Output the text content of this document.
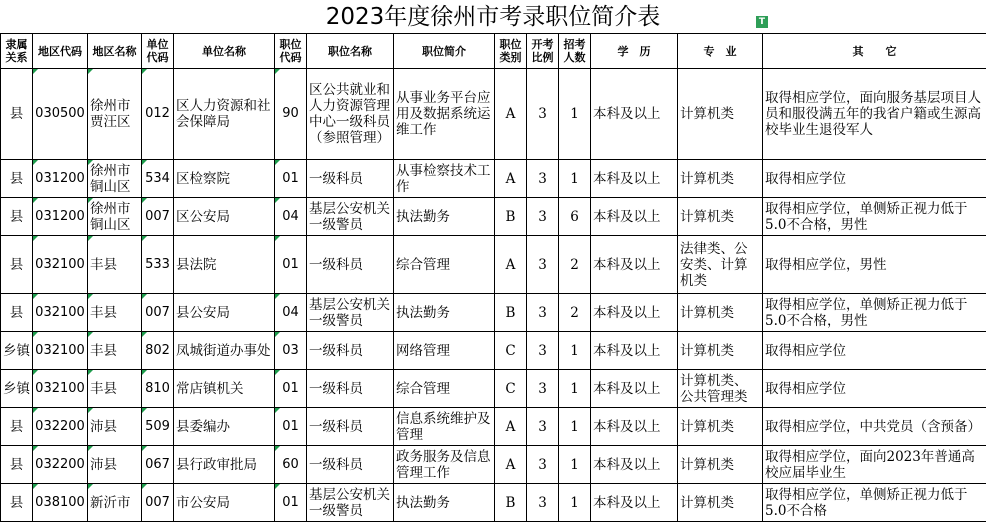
2023年度徐州市考录职位简介表	T
隶属关系	地区代码	地区名称	单位代码	单位名称	职位代码	职位名称	职位简介	职位类别	开考比例	招考人数	学　历	专　业	其　　它
县	030500	徐州市贾汪区	012	区人力资源和社会保障局	90	区公共就业和人力资源管理中心一级科员（参照管理）	从事业务平台应用及数据系统运维工作	A	3	1	本科及以上	计算机类	取得相应学位，面向服务基层项目人员和服役满五年的我省户籍或生源高校毕业生退役军人
县	031200	徐州市铜山区	534	区检察院	01	一级科员	从事检察技术工作	A	3	1	本科及以上	计算机类	取得相应学位
县	031200	徐州市铜山区	007	区公安局	04	基层公安机关一级警员	执法勤务	B	3	6	本科及以上	计算机类	取得相应学位，单侧矫正视力低于5.0不合格，男性
县	032100	丰县	533	县法院	01	一级科员	综合管理	A	3	2	本科及以上	法律类、公安类、计算机类	取得相应学位，男性
县	032100	丰县	007	县公安局	04	基层公安机关一级警员	执法勤务	B	3	2	本科及以上	计算机类	取得相应学位，单侧矫正视力低于5.0不合格，男性
乡镇	032100	丰县	802	凤城街道办事处	03	一级科员	网络管理	C	3	1	本科及以上	计算机类	取得相应学位
乡镇	032100	丰县	810	常店镇机关	01	一级科员	综合管理	C	3	1	本科及以上	计算机类、公共管理类	取得相应学位
县	032200	沛县	509	县委编办	01	一级科员	信息系统维护及管理	A	3	1	本科及以上	计算机类	取得相应学位，中共党员（含预备）
县	032200	沛县	067	县行政审批局	60	一级科员	政务服务及信息管理工作	A	3	1	本科及以上	计算机类	取得相应学位，面向2023年普通高校应届毕业生
县	038100	新沂市	007	市公安局	01	基层公安机关一级警员	执法勤务	B	3	1	本科及以上	计算机类	取得相应学位，单侧矫正视力低于5.0不合格
